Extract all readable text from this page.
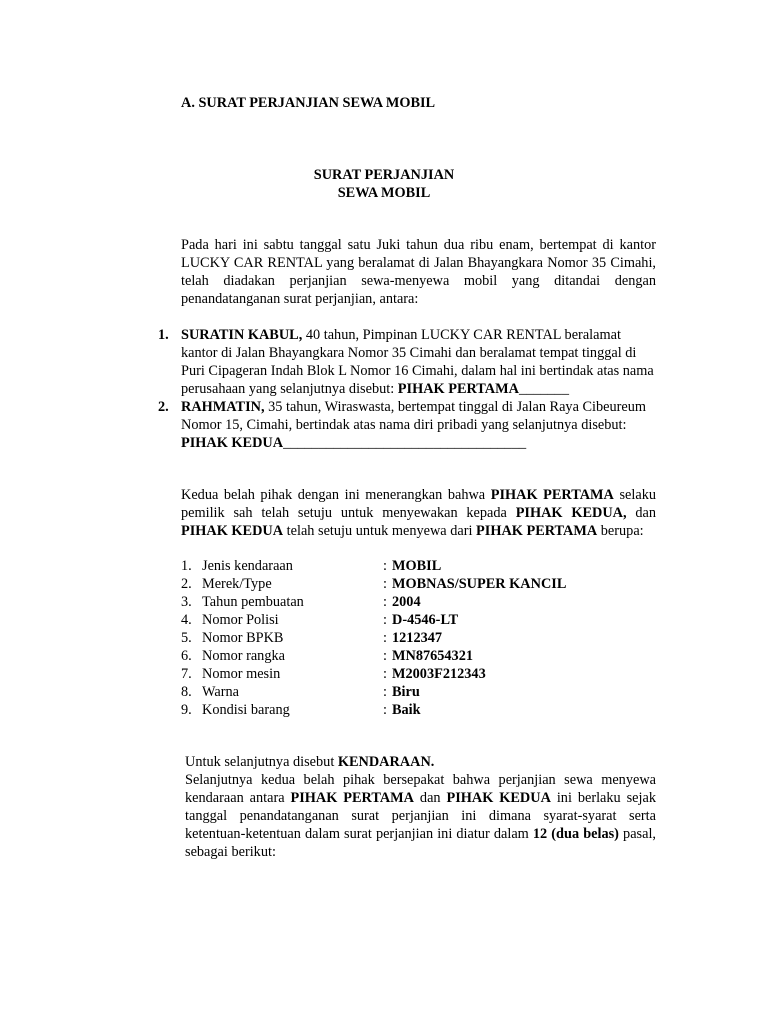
A. SURAT PERJANJIAN SEWA MOBIL
SURAT PERJANJIAN
SEWA MOBIL
Pada hari ini sabtu tanggal satu Juki tahun dua ribu enam, bertempat di kantor LUCKY CAR RENTAL yang beralamat di Jalan Bhayangkara Nomor 35 Cimahi, telah diadakan perjanjian sewa-menyewa mobil yang ditandai dengan penandatanganan surat perjanjian, antara:
1. SURATIN KABUL, 40 tahun, Pimpinan LUCKY CAR RENTAL beralamat kantor di Jalan Bhayangkara Nomor 35 Cimahi dan beralamat tempat tinggal di Puri Cipageran Indah Blok L Nomor 16 Cimahi, dalam hal ini bertindak atas nama perusahaan yang selanjutnya disebut: PIHAK PERTAMA_______
2. RAHMATIN, 35 tahun, Wiraswasta, bertempat tinggal di Jalan Raya Cibeureum Nomor 15, Cimahi, bertindak atas nama diri pribadi yang selanjutnya disebut: PIHAK KEDUA__________________________________
Kedua belah pihak dengan ini menerangkan bahwa PIHAK PERTAMA selaku pemilik sah telah setuju untuk menyewakan kepada PIHAK KEDUA, dan PIHAK KEDUA telah setuju untuk menyewa dari PIHAK PERTAMA berupa:
1. Jenis kendaraan	: MOBIL
2. Merek/Type	: MOBNAS/SUPER KANCIL
3. Tahun pembuatan	: 2004
4. Nomor Polisi	: D-4546-LT
5. Nomor BPKB	: 1212347
6. Nomor rangka	: MN87654321
7. Nomor mesin	: M2003F212343
8. Warna	: Biru
9. Kondisi barang	: Baik
Untuk selanjutnya disebut KENDARAAN.
Selanjutnya kedua belah pihak bersepakat bahwa perjanjian sewa menyewa kendaraan antara PIHAK PERTAMA dan PIHAK KEDUA ini berlaku sejak tanggal penandatanganan surat perjanjian ini dimana syarat-syarat serta ketentuan-ketentuan dalam surat perjanjian ini diatur dalam 12 (dua belas) pasal, sebagai berikut:
